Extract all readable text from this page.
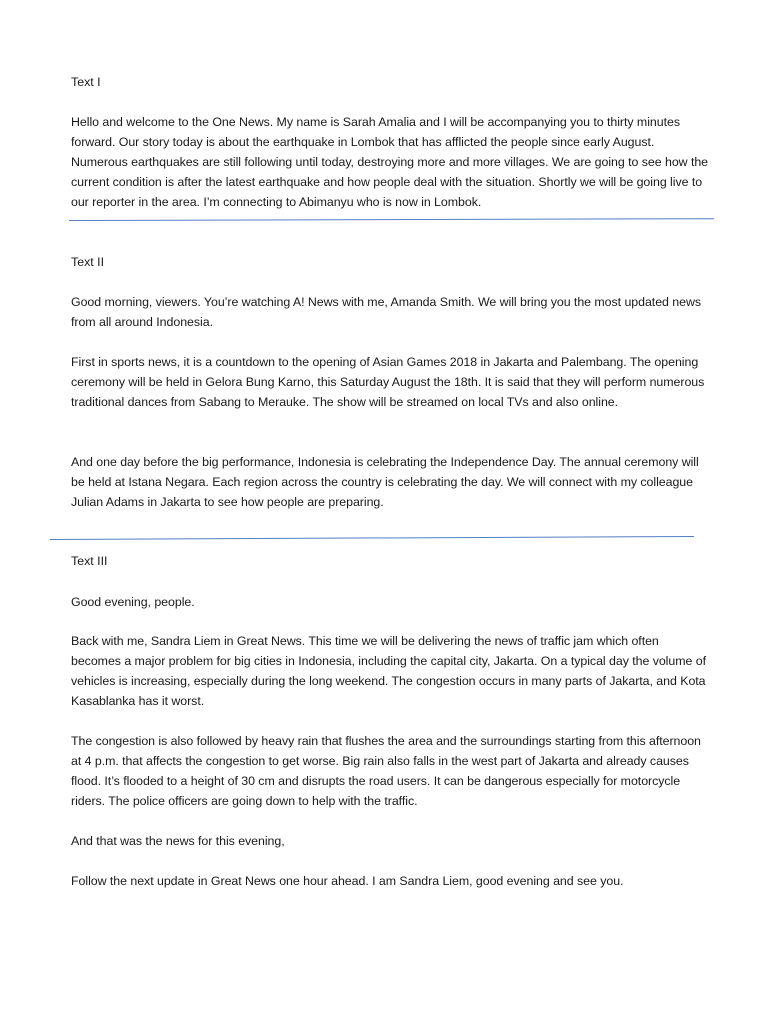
Text I

Hello and welcome to the One News. My name is Sarah Amalia and I will be accompanying you to thirty minutes forward. Our story today is about the earthquake in Lombok that has afflicted the people since early August. Numerous earthquakes are still following until today, destroying more and more villages. We are going to see how the current condition is after the latest earthquake and how people deal with the situation. Shortly we will be going live to our reporter in the area. I’m connecting to Abimanyu who is now in Lombok.

Text II

Good morning, viewers. You’re watching A! News with me, Amanda Smith. We will bring you the most updated news from all around Indonesia.

First in sports news, it is a countdown to the opening of Asian Games 2018 in Jakarta and Palembang. The opening ceremony will be held in Gelora Bung Karno, this Saturday August the 18th. It is said that they will perform numerous traditional dances from Sabang to Merauke. The show will be streamed on local TVs and also online.

And one day before the big performance, Indonesia is celebrating the Independence Day. The annual ceremony will be held at Istana Negara. Each region across the country is celebrating the day. We will connect with my colleague Julian Adams in Jakarta to see how people are preparing.

Text III

Good evening, people.

Back with me, Sandra Liem in Great News. This time we will be delivering the news of traffic jam which often becomes a major problem for big cities in Indonesia, including the capital city, Jakarta. On a typical day the volume of vehicles is increasing, especially during the long weekend. The congestion occurs in many parts of Jakarta, and Kota Kasablanka has it worst.

The congestion is also followed by heavy rain that flushes the area and the surroundings starting from this afternoon at 4 p.m. that affects the congestion to get worse. Big rain also falls in the west part of Jakarta and already causes flood. It’s flooded to a height of 30 cm and disrupts the road users. It can be dangerous especially for motorcycle riders. The police officers are going down to help with the traffic.

And that was the news for this evening,

Follow the next update in Great News one hour ahead. I am Sandra Liem, good evening and see you.
